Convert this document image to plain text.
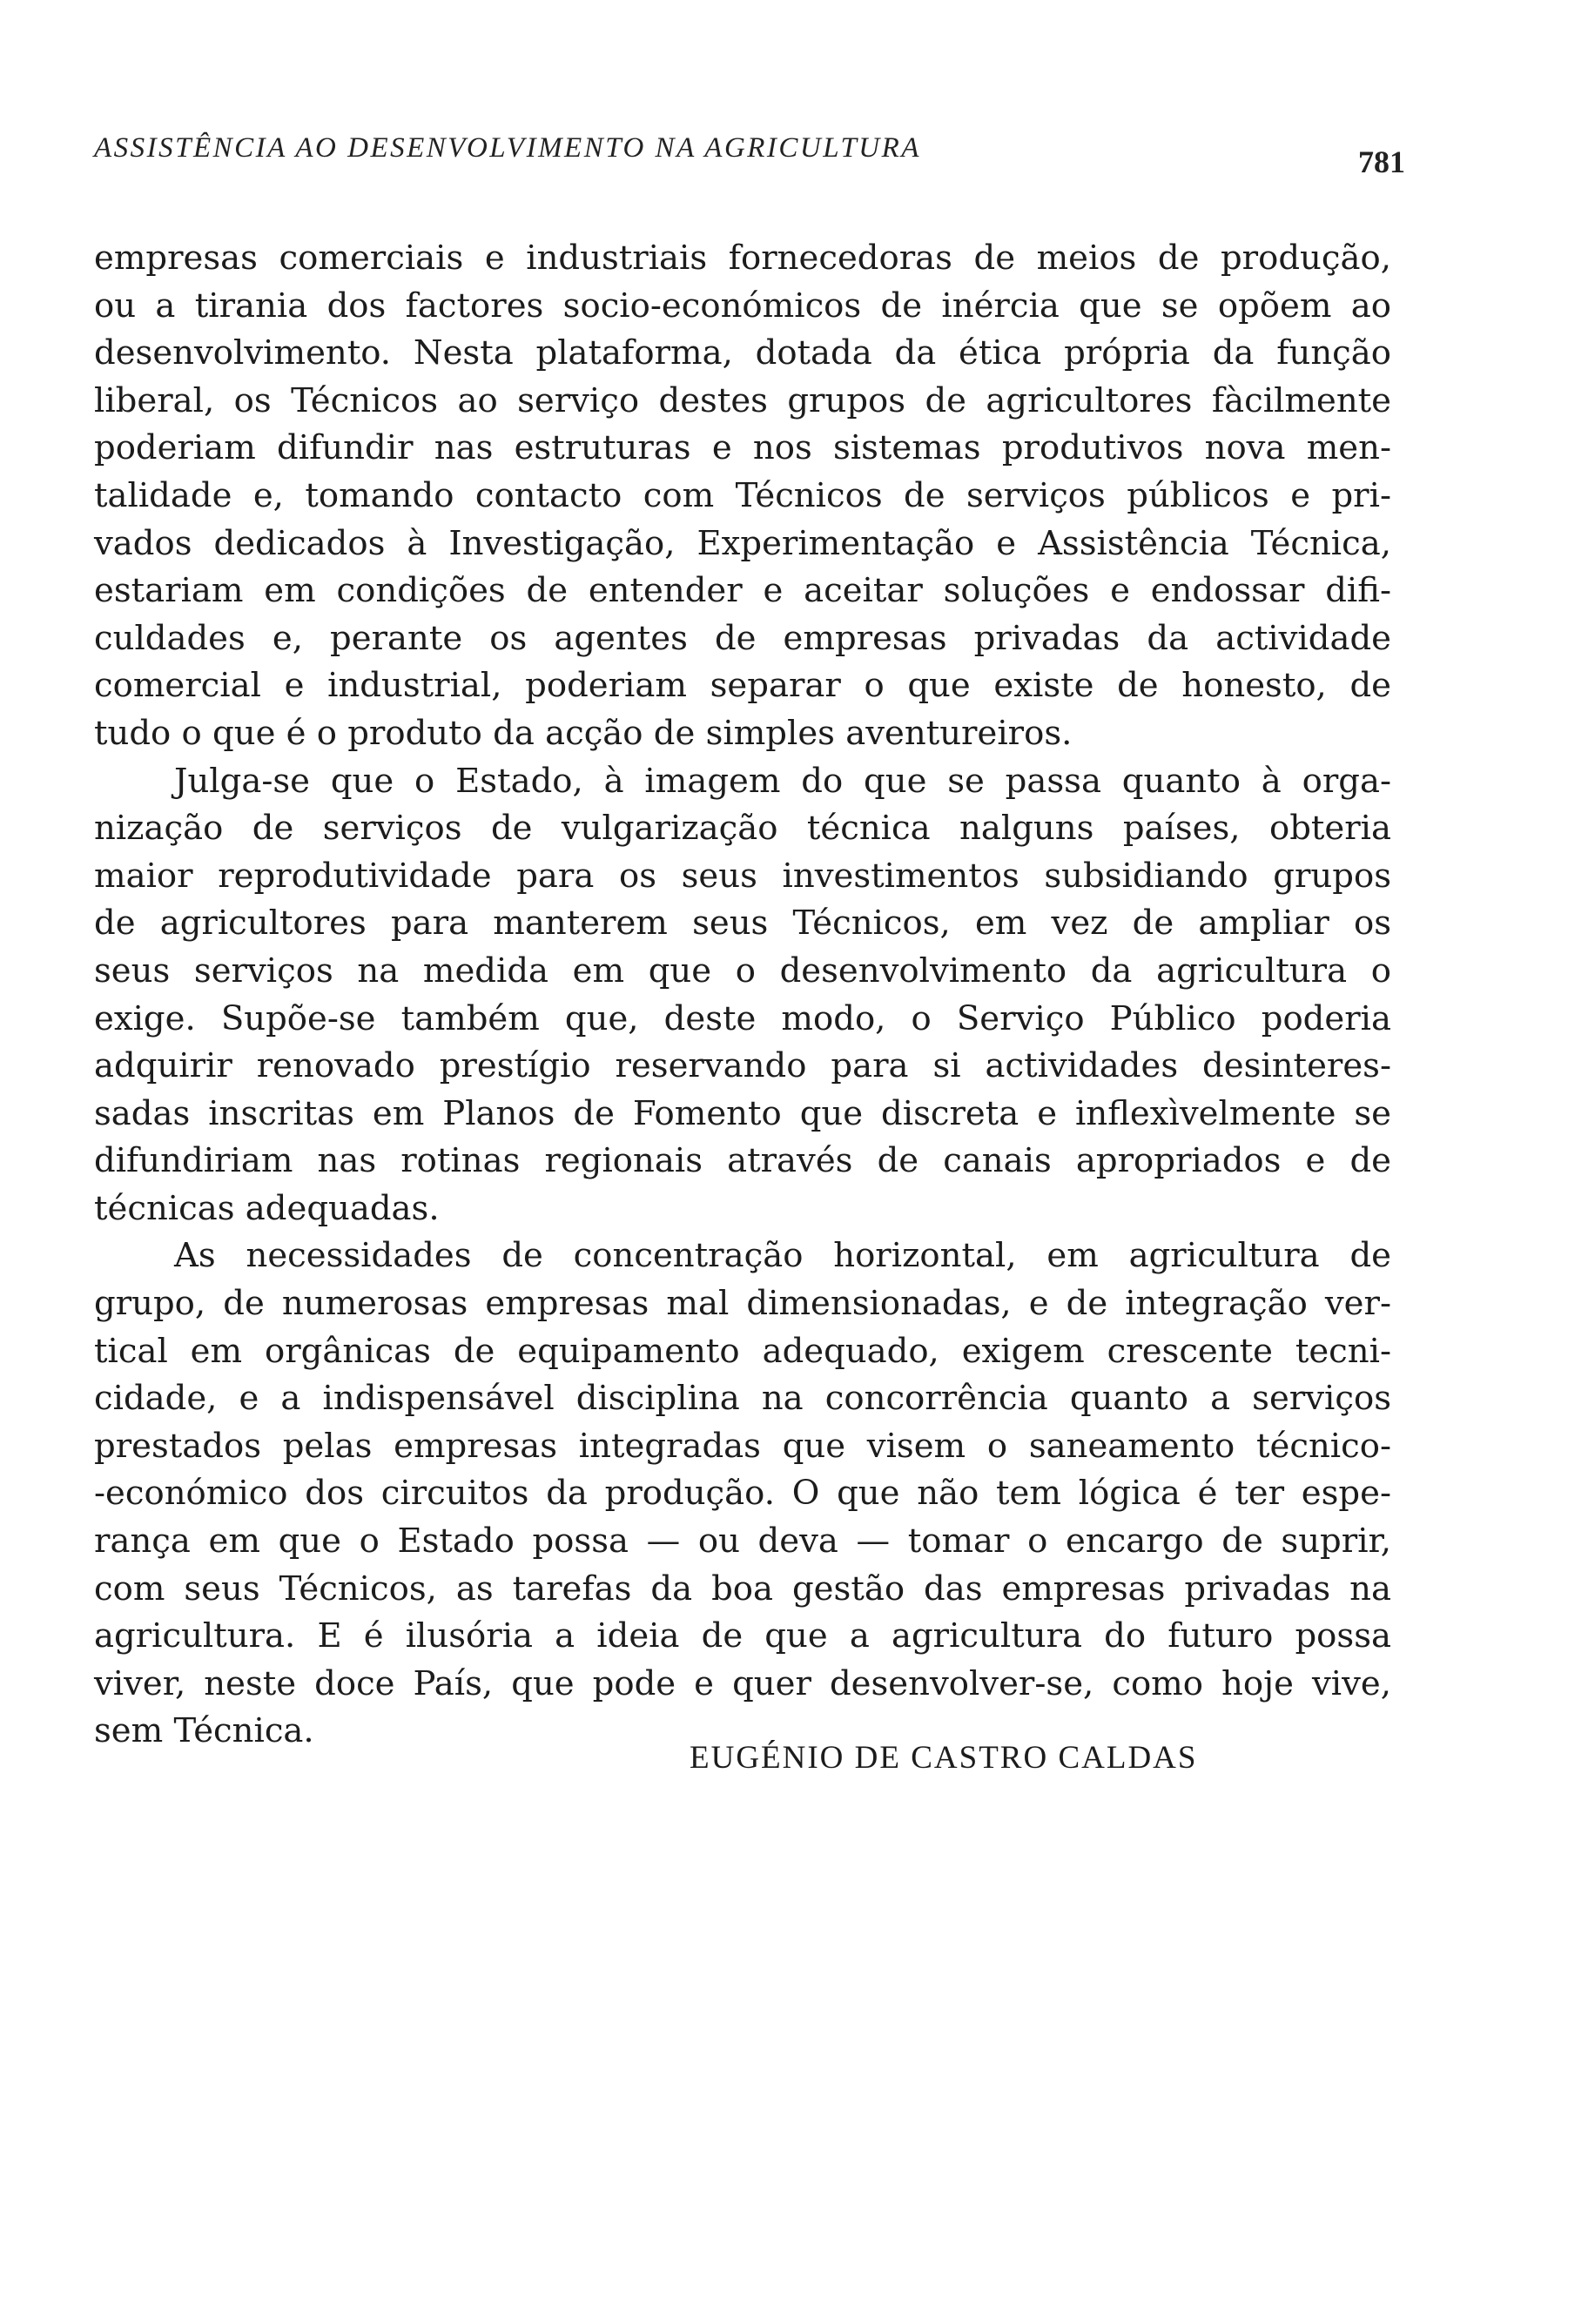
ASSISTÊNCIA AO DESENVOLVIMENTO NA AGRICULTURA	781
empresas comerciais e industriais fornecedoras de meios de produção,
ou a tirania dos factores socio-económicos de inércia que se opõem ao
desenvolvimento. Nesta plataforma, dotada da ética própria da função
liberal, os Técnicos ao serviço destes grupos de agricultores fàcilmente
poderiam difundir nas estruturas e nos sistemas produtivos nova men-
talidade e, tomando contacto com Técnicos de serviços públicos e pri-
vados dedicados à Investigação, Experimentação e Assistência Técnica,
estariam em condições de entender e aceitar soluções e endossar difi-
culdades e, perante os agentes de empresas privadas da actividade
comercial e industrial, poderiam separar o que existe de honesto, de
tudo o que é o produto da acção de simples aventureiros.
Julga-se que o Estado, à imagem do que se passa quanto à orga-
nização de serviços de vulgarização técnica nalguns países, obteria
maior reprodutividade para os seus investimentos subsidiando grupos
de agricultores para manterem seus Técnicos, em vez de ampliar os
seus serviços na medida em que o desenvolvimento da agricultura o
exige. Supõe-se também que, deste modo, o Serviço Público poderia
adquirir renovado prestígio reservando para si actividades desinteres-
sadas inscritas em Planos de Fomento que discreta e inflexìvelmente se
difundiriam nas rotinas regionais através de canais apropriados e de
técnicas adequadas.
As necessidades de concentração horizontal, em agricultura de
grupo, de numerosas empresas mal dimensionadas, e de integração ver-
tical em orgânicas de equipamento adequado, exigem crescente tecni-
cidade, e a indispensável disciplina na concorrência quanto a serviços
prestados pelas empresas integradas que visem o saneamento técnico-
-económico dos circuitos da produção. O que não tem lógica é ter espe-
rança em que o Estado possa — ou deva — tomar o encargo de suprir,
com seus Técnicos, as tarefas da boa gestão das empresas privadas na
agricultura. E é ilusória a ideia de que a agricultura do futuro possa
viver, neste doce País, que pode e quer desenvolver-se, como hoje vive,
sem Técnica.
EUGÉNIO DE CASTRO CALDAS
